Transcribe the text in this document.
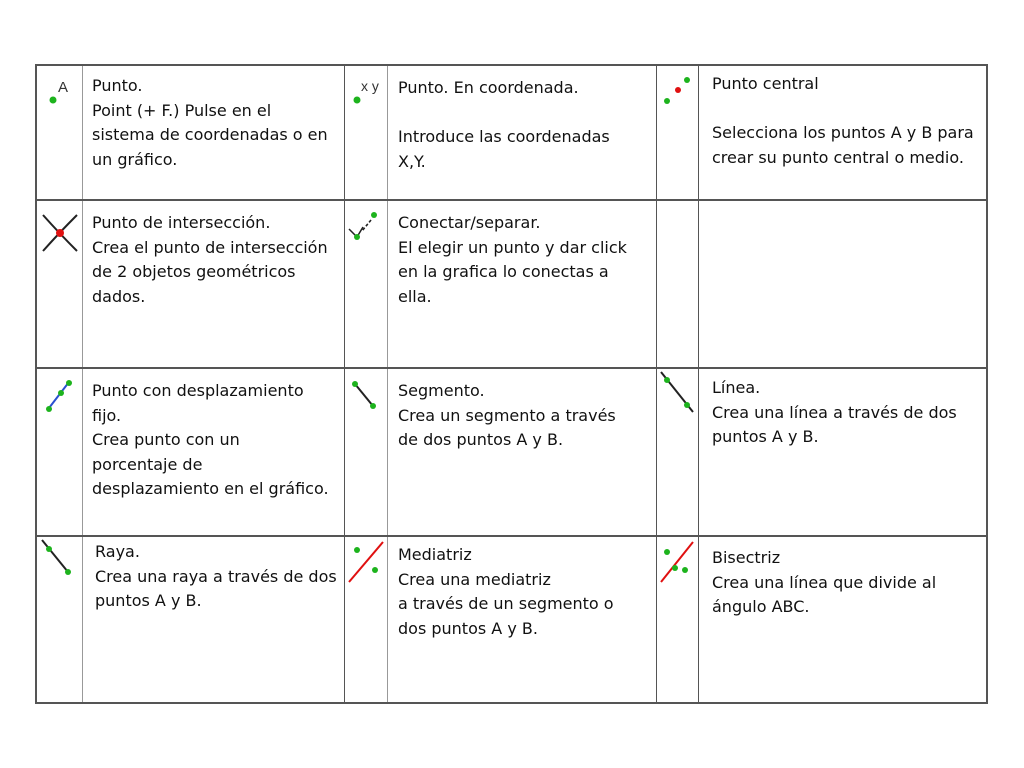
A Punto.
Point (+ F.) Pulse en el
sistema de coordenadas o en
un gráfico.
x y Punto. En coordenada.

Introduce las coordenadas
X,Y.
Punto central

Selecciona los puntos A y B para
crear su punto central o medio.
Punto de intersección.
Crea el punto de intersección
de 2 objetos geométricos
dados.
Conectar/separar.
El elegir un punto y dar click
en la grafica lo conectas a
ella.
Punto con desplazamiento
fijo.
Crea punto con un
porcentaje de
desplazamiento en el gráfico.
Segmento.
Crea un segmento a través
de dos puntos A y B.
Línea.
Crea una línea a través de dos
puntos A y B.
Raya.
Crea una raya a través de dos
puntos A y B.
Mediatriz
Crea una mediatriz
a través de un segmento o
dos puntos A y B.
Bisectriz
Crea una línea que divide al
ángulo ABC.
